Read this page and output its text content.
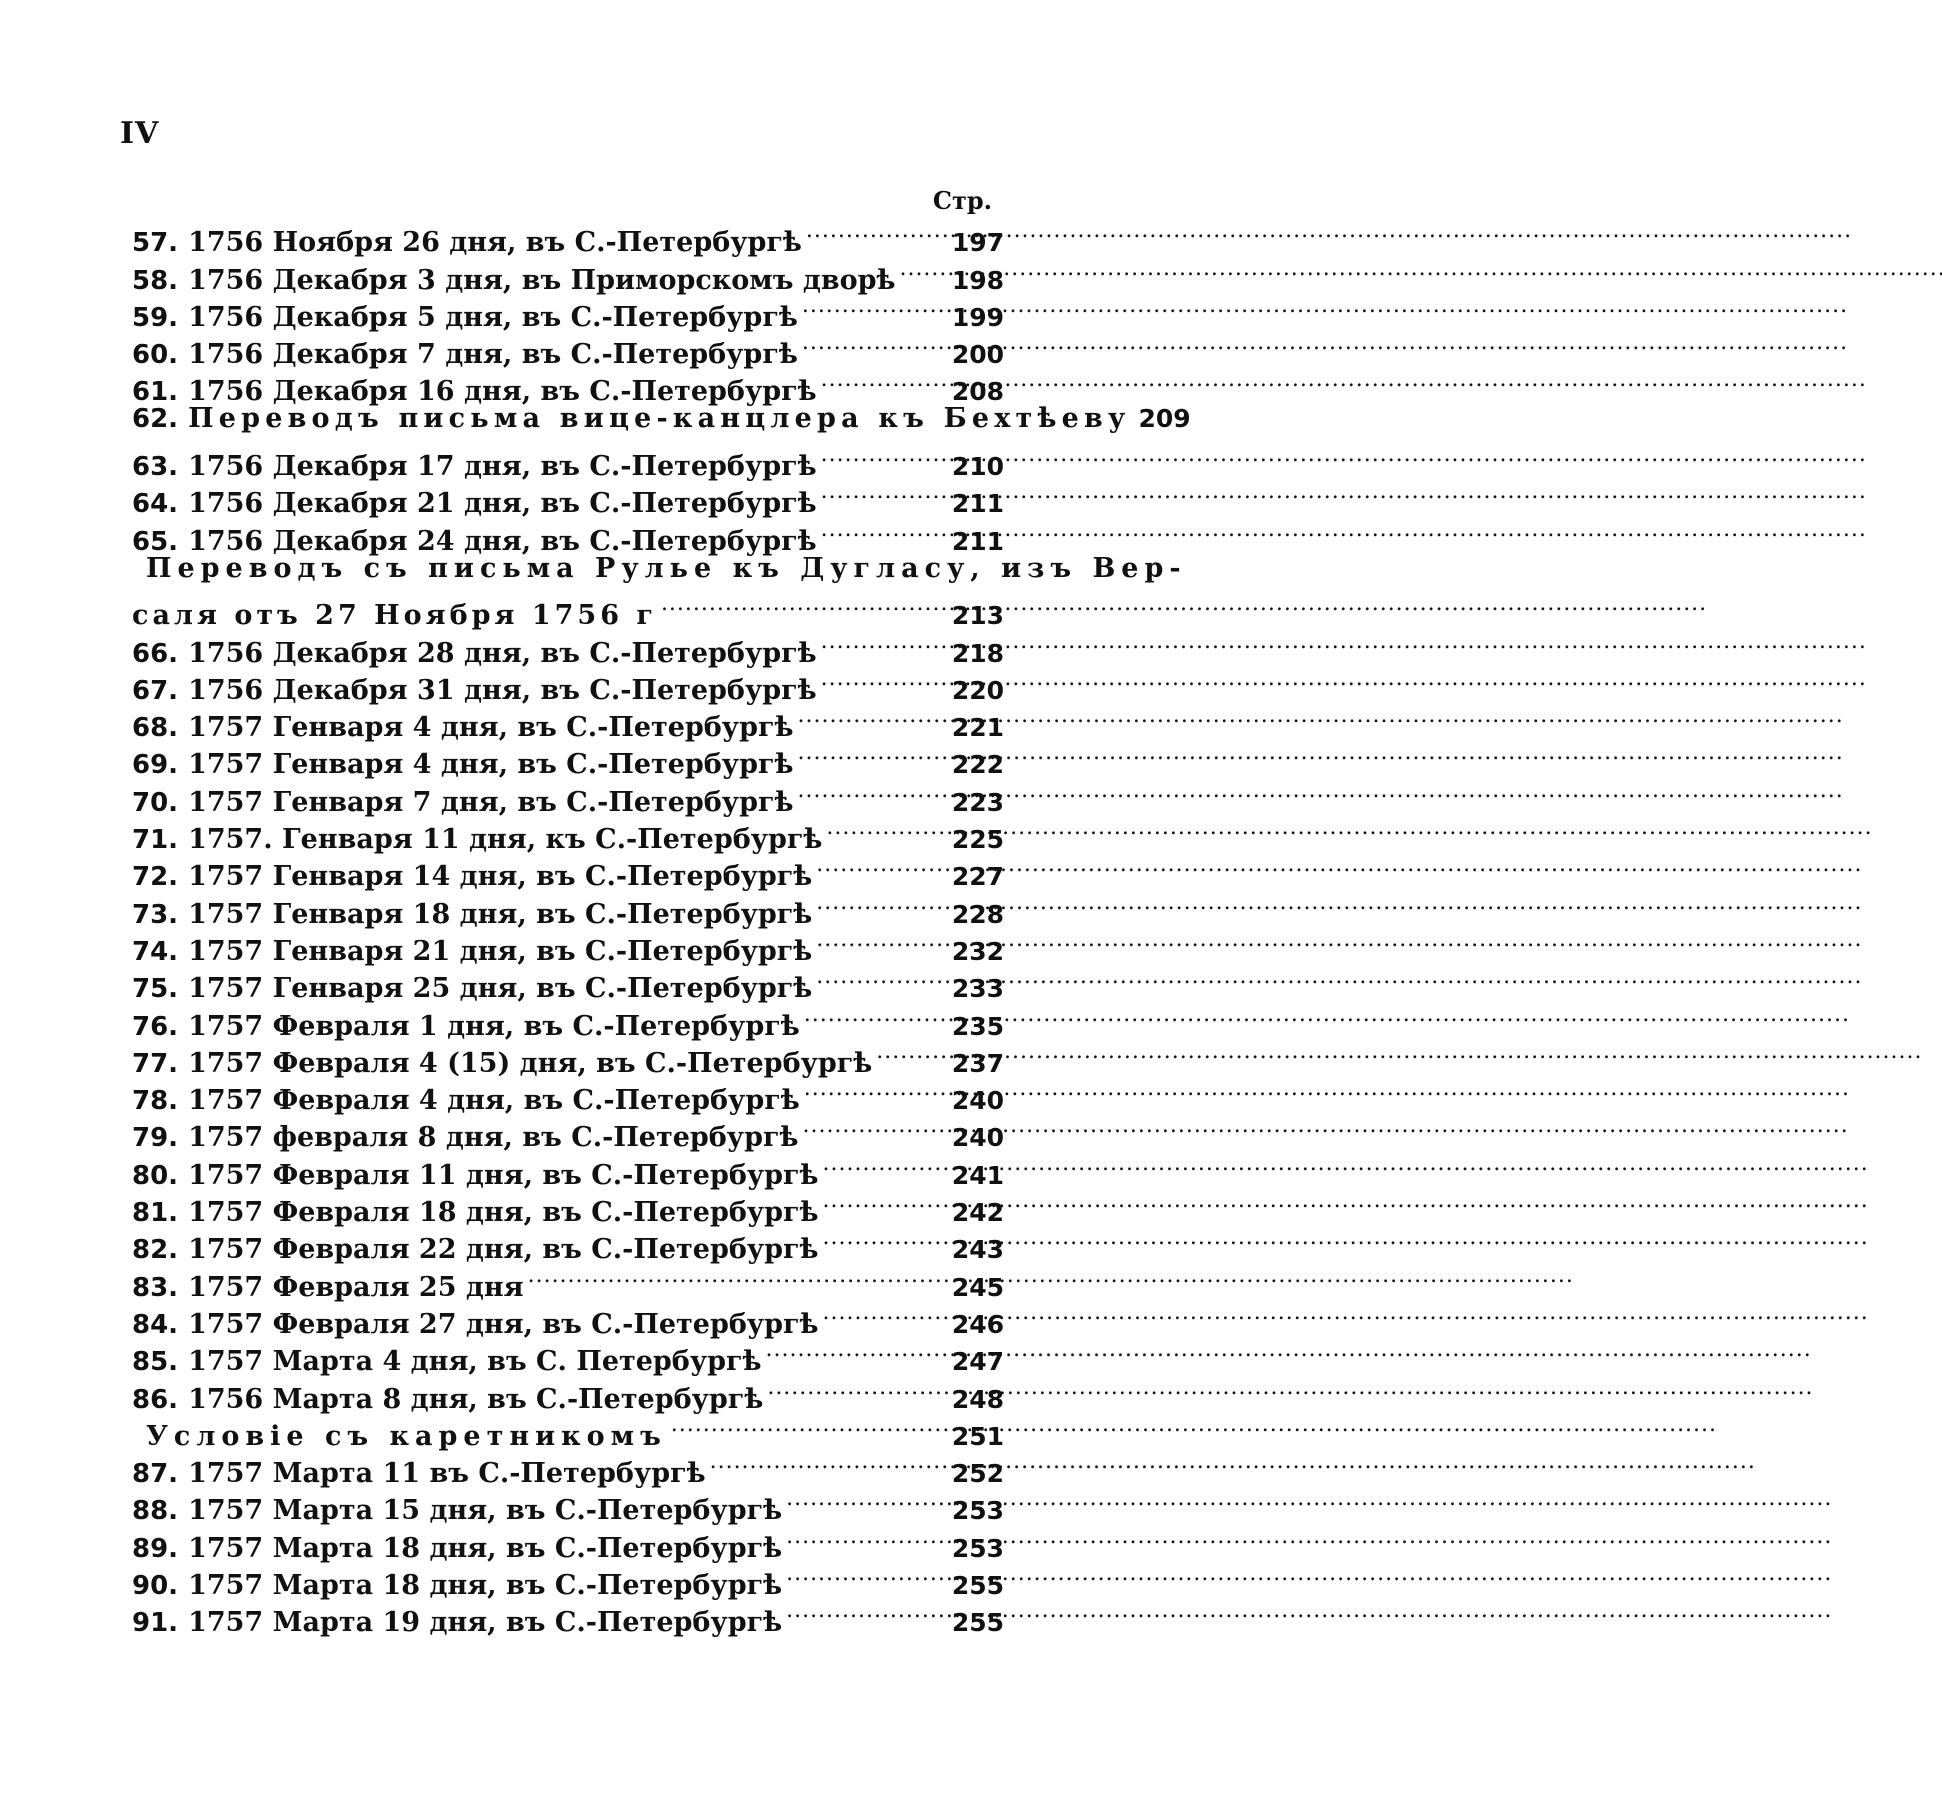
IV
Стр.
57. 1756 Ноября 26 дня, въ С.-Петербургѣ . . .	197
58. 1756 Декабря 3 дня, въ Приморскомъ дворѣ . . . 198
59. 1756 Декабря 5 дня, въ С.-Петербургѣ . . .	199
60. 1756 Декабря 7 дня, въ С.-Петербургѣ . . .	200
61. 1756 Декабря 16 дня, въ С.-Петербургѣ . . .	208
62. Переводъ письма вице-канцлера къ Бехтѣеву 209
63. 1756 Декабря 17 дня, въ С.-Петербургѣ . . .	210
64. 1756 Декабря 21 дня, въ С.-Петербургѣ . . .	211
65. 1756 Декабря 24 дня, въ С.-Петербургѣ . . .	211
Переводъ съ письма Рулье къ Дугласу, изъ Вер-
саля отъ 27 Ноября 1756 г . . .	213
66. 1756 Декабря 28 дня, въ С.-Петербургѣ . . .	218
67. 1756 Декабря 31 дня, въ С.-Петербургѣ . . .	220
68. 1757 Генваря 4 дня, въ С.-Петербургѣ . . .	221
69. 1757 Генваря 4 дня, въ С.-Петербургѣ . . .	222
70. 1757 Генваря 7 дня, въ С.-Петербургѣ . . .	223
71. 1757. Генваря 11 дня, къ С.-Петербургѣ . . .	225
72. 1757 Генваря 14 дня, въ С.-Петербургѣ . . .	227
73. 1757 Генваря 18 дня, въ С.-Петербургѣ . . .	228
74. 1757 Генваря 21 дня, въ С.-Петербургѣ . . .	232
75. 1757 Генваря 25 дня, въ С.-Петербургѣ . . .	233
76. 1757 Февраля 1 дня, въ С.-Петербургѣ . . .	235
77. 1757 Февраля 4 (15) дня, въ С.-Петербургѣ . . .	237
78. 1757 Февраля 4 дня, въ С.-Петербургѣ . . .	240
79. 1757 февраля 8 дня, въ С.-Петербургѣ . . .	240
80. 1757 Февраля 11 дня, въ С.-Петербургѣ . . .	241
81. 1757 Февраля 18 дня, въ С.-Петербургѣ . . .	242
82. 1757 Февраля 22 дня, въ С.-Петербургѣ . . .	243
83. 1757 Февраля 25 дня . . .	245
84. 1757 Февраля 27 дня, въ С.-Петербургѣ . . .	246
85. 1757 Марта 4 дня, въ С. Петербургѣ . . .	247
86. 1756 Марта 8 дня, въ С.-Петербургѣ . . .	248
Условіе съ каретникомъ . . .	251
87. 1757 Марта 11 въ С.-Петербургѣ . . .	252
88. 1757 Марта 15 дня, въ С.-Петербургѣ . . .	253
89. 1757 Марта 18 дня, въ С.-Петербургѣ . . .	253
90. 1757 Марта 18 дня, въ С.-Петербургѣ . . .	255
91. 1757 Марта 19 дня, въ С.-Петербургѣ . . .	255
